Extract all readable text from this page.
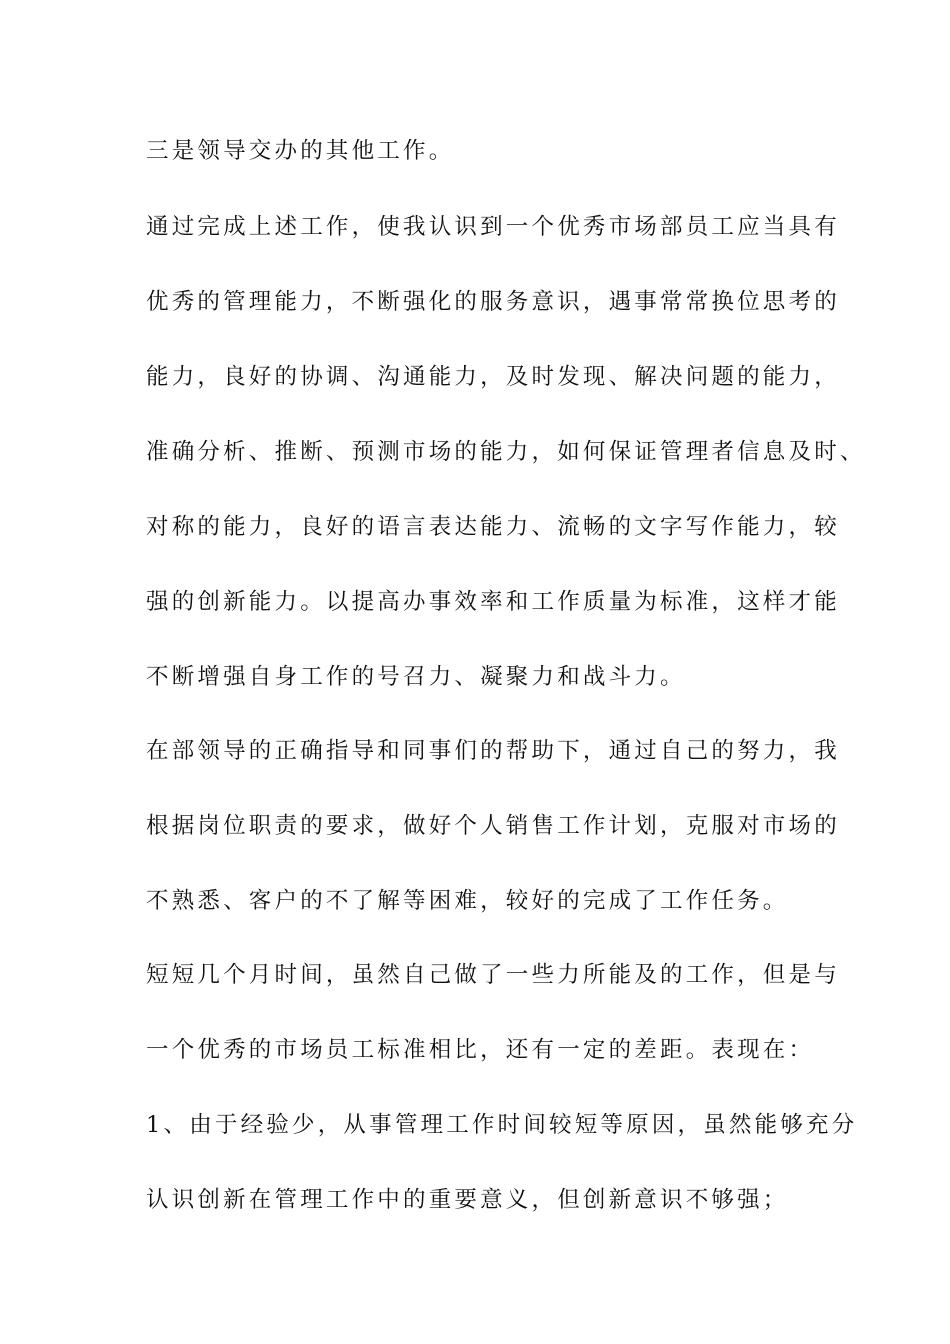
三是领导交办的其他工作。
通过完成上述工作，使我认识到一个优秀市场部员工应当具有
优秀的管理能力，不断强化的服务意识，遇事常常换位思考的
能力，良好的协调、沟通能力，及时发现、解决问题的能力，
准确分析、推断、预测市场的能力，如何保证管理者信息及时、
对称的能力，良好的语言表达能力、流畅的文字写作能力，较
强的创新能力。以提高办事效率和工作质量为标准，这样才能
不断增强自身工作的号召力、凝聚力和战斗力。
在部领导的正确指导和同事们的帮助下，通过自己的努力，我
根据岗位职责的要求，做好个人销售工作计划，克服对市场的
不熟悉、客户的不了解等困难，较好的完成了工作任务。
短短几个月时间，虽然自己做了一些力所能及的工作，但是与
一个优秀的市场员工标准相比，还有一定的差距。表现在：
1、由于经验少，从事管理工作时间较短等原因，虽然能够充分
认识创新在管理工作中的重要意义，但创新意识不够强；
